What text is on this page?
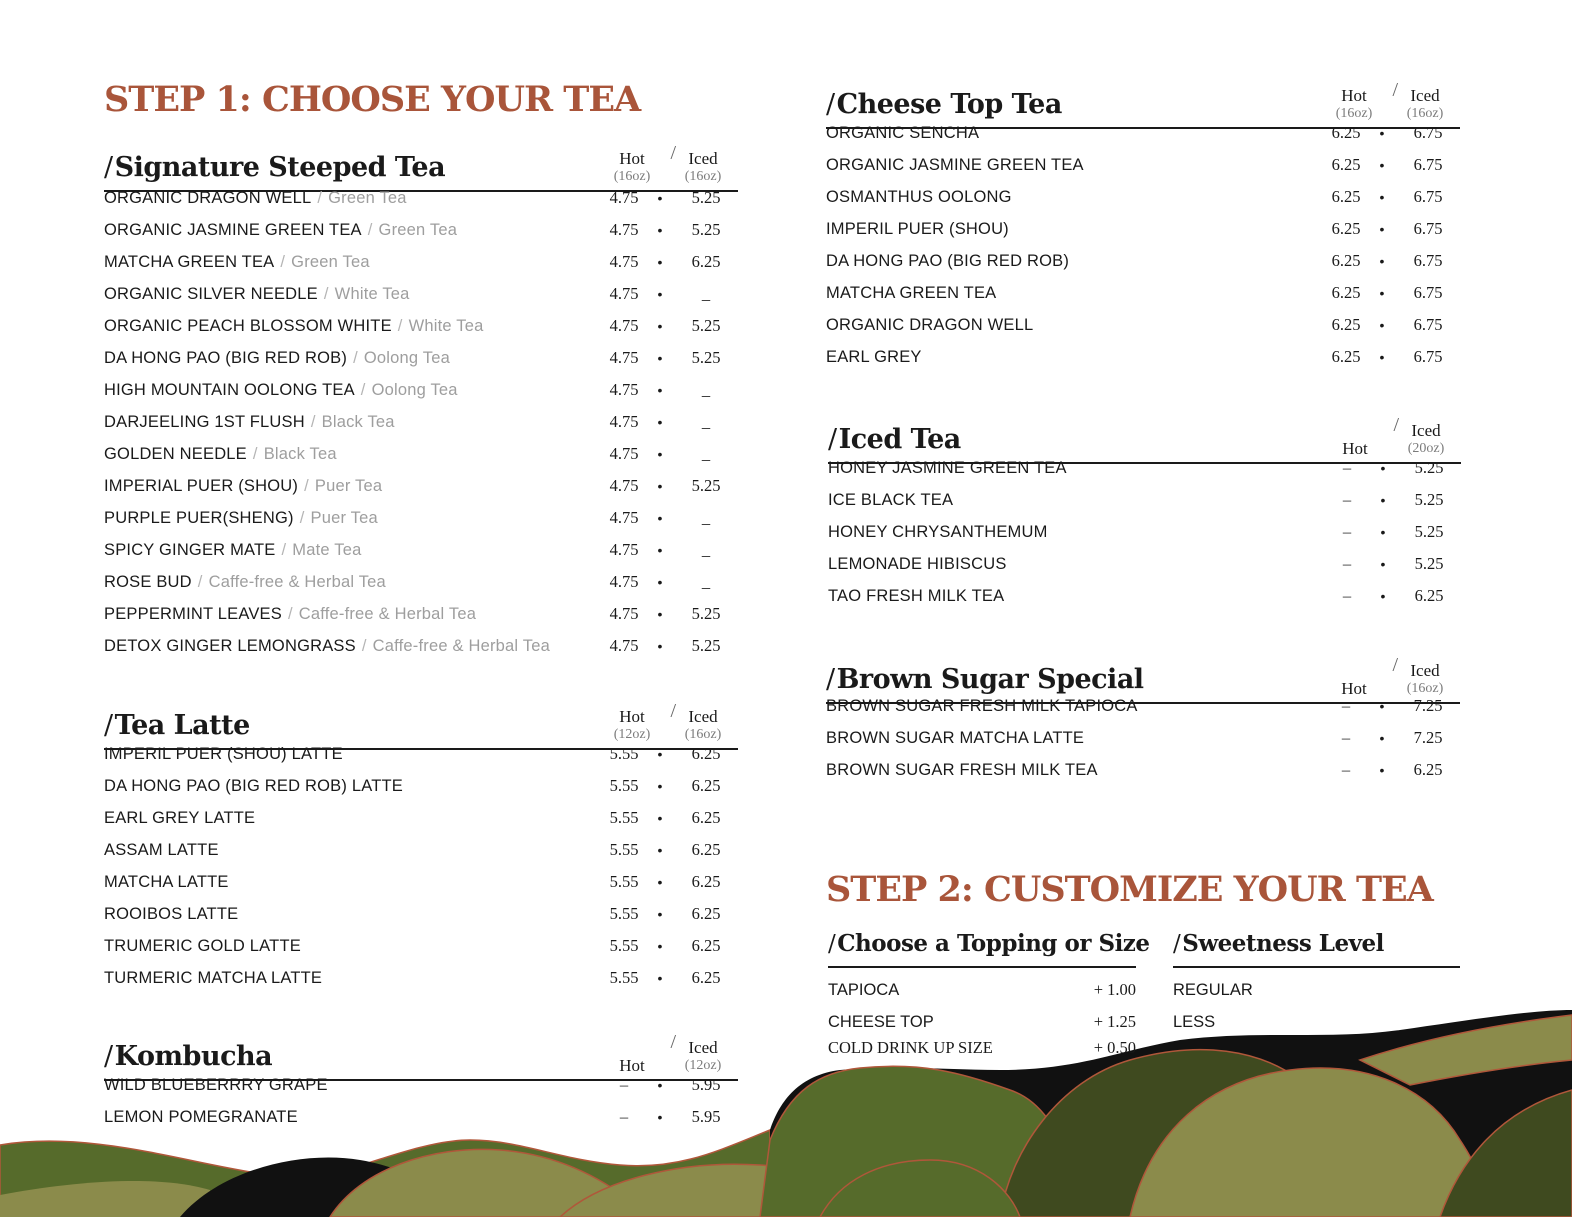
STEP 1: CHOOSE YOUR TEA
/Signature Steeped Tea	Hot
(16oz)
/ Iced
(16oz)
ORGANIC DRAGON WELL / Green Tea	4.75	•	5.25
ORGANIC JASMINE GREEN TEA / Green Tea	4.75	•	5.25
MATCHA GREEN TEA / Green Tea	4.75	•	6.25
ORGANIC SILVER NEEDLE / White Tea	4.75	•	_
ORGANIC PEACH BLOSSOM WHITE / White Tea	4.75	•	5.25
DA HONG PAO (BIG RED ROB) / Oolong Tea	4.75	•	5.25
HIGH MOUNTAIN OOLONG TEA / Oolong Tea	4.75	•	_
DARJEELING 1ST FLUSH / Black Tea	4.75	•	_
GOLDEN NEEDLE / Black Tea	4.75	•	_
IMPERIAL PUER (SHOU) / Puer Tea	4.75	•	5.25
PURPLE PUER(SHENG) / Puer Tea	4.75	•	_
SPICY GINGER MATE / Mate Tea	4.75	•	_
ROSE BUD / Caffe-free & Herbal Tea	4.75	•	_
PEPPERMINT LEAVES / Caffe-free & Herbal Tea	4.75	•	5.25
DETOX GINGER LEMONGRASS / Caffe-free & Herbal Tea	4.75	•	5.25
/Tea Latte	Hot
(12oz)
/ Iced
(16oz)
IMPERIL PUER (SHOU) LATTE	5.55	•	6.25
DA HONG PAO (BIG RED ROB) LATTE	5.55	•	6.25
EARL GREY LATTE	5.55	•	6.25
ASSAM LATTE	5.55	•	6.25
MATCHA LATTE	5.55	•	6.25
ROOIBOS LATTE	5.55	•	6.25
TRUMERIC GOLD LATTE	5.55	•	6.25
TURMERIC MATCHA LATTE	5.55	•	6.25
/Kombucha	Hot
/ Iced
(12oz)
WILD BLUEBERRRY GRAPE	–	•	5.95
LEMON POMEGRANATE	–	•	5.95
/Cheese Top Tea	Hot
(16oz)
/ Iced
(16oz)
ORGANIC SENCHA	6.25	•	6.75
ORGANIC JASMINE GREEN TEA	6.25	•	6.75
OSMANTHUS OOLONG	6.25	•	6.75
IMPERIL PUER (SHOU)	6.25	•	6.75
DA HONG PAO (BIG RED ROB)	6.25	•	6.75
MATCHA GREEN TEA	6.25	•	6.75
ORGANIC DRAGON WELL	6.25	•	6.75
EARL GREY	6.25	•	6.75
/Iced Tea	Hot
/ Iced
(20oz)
HONEY JASMINE GREEN TEA	–	•	5.25
ICE BLACK TEA	–	•	5.25
HONEY CHRYSANTHEMUM	–	•	5.25
LEMONADE HIBISCUS	–	•	5.25
TAO FRESH MILK TEA	–	•	6.25
/Brown Sugar Special	Hot
/ Iced
(16oz)
BROWN SUGAR FRESH MILK TAPIOCA	–	•	7.25
BROWN SUGAR MATCHA LATTE	–	•	7.25
BROWN SUGAR FRESH MILK TEA	–	•	6.25
STEP 2: CUSTOMIZE YOUR TEA
/Choose a Topping or Size
TAPIOCA	+ 1.00
CHEESE TOP	+ 1.25
COLD DRINK UP SIZE	+ 0.50
/Sweetness Level
REGULAR
LESS
